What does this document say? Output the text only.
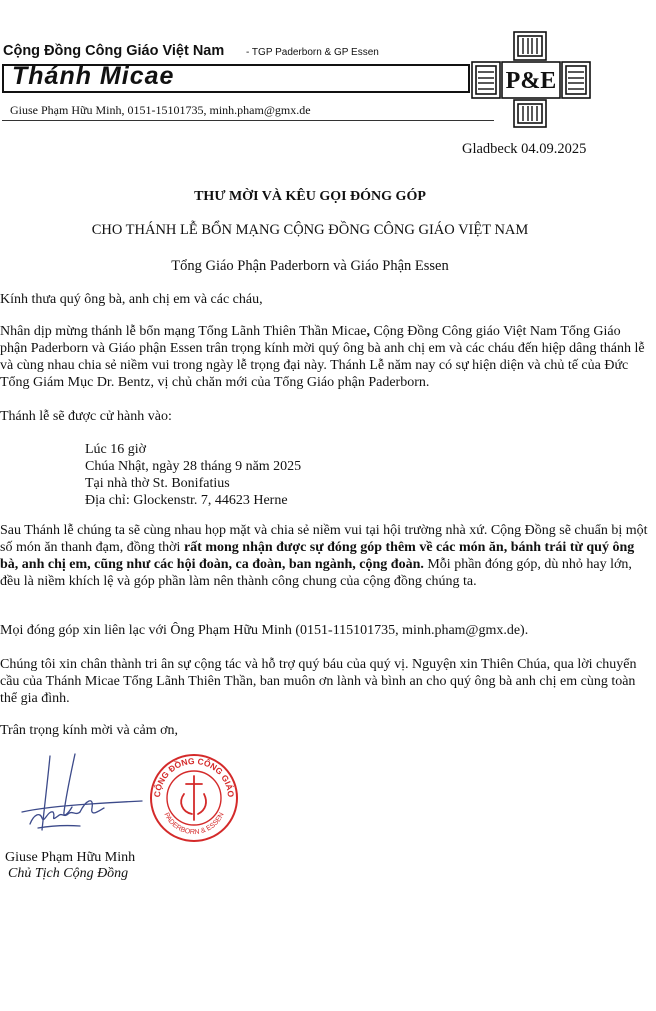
Cộng Đồng Công Giáo Việt Nam - TGP Paderborn & GP Essen
Thánh Micae
Giuse Phạm Hữu Minh, 0151-15101735, minh.pham@gmx.de
P&E
Gladbeck 04.09.2025
THƯ MỜI VÀ KÊU GỌI ĐÓNG GÓP
CHO THÁNH LỄ BỔN MẠNG CỘNG ĐỒNG CÔNG GIÁO VIỆT NAM
Tổng Giáo Phận Paderborn và Giáo Phận Essen
Kính thưa quý ông bà, anh chị em và các cháu,
Nhân dịp mừng thánh lễ bổn mạng Tổng Lãnh Thiên Thần Micae, Cộng Đồng Công giáo Việt Nam Tổng Giáo phận Paderborn và Giáo phận Essen trân trọng kính mời quý ông bà anh chị em và các cháu đến hiệp dâng thánh lễ và cùng nhau chia sẻ niềm vui trong ngày lễ trọng đại này. Thánh Lễ năm nay có sự hiện diện và chủ tế của Đức Tổng Giám Mục Dr. Bentz, vị chủ chăn mới của Tổng Giáo phận Paderborn.
Thánh lễ sẽ được cử hành vào:
Lúc 16 giờ
Chúa Nhật, ngày 28 tháng 9 năm 2025
Tại nhà thờ St. Bonifatius
Địa chỉ: Glockenstr. 7, 44623 Herne
Sau Thánh lễ chúng ta sẽ cùng nhau họp mặt và chia sẻ niềm vui tại hội trường nhà xứ. Cộng Đồng sẽ chuẩn bị một số món ăn thanh đạm, đồng thời rất mong nhận được sự đóng góp thêm về các món ăn, bánh trái từ quý ông bà, anh chị em, cũng như các hội đoàn, ca đoàn, ban ngành, cộng đoàn. Mỗi phần đóng góp, dù nhỏ hay lớn, đều là niềm khích lệ và góp phần làm nên thành công chung của cộng đồng chúng ta.
Mọi đóng góp xin liên lạc với Ông Phạm Hữu Minh (0151-115101735, minh.pham@gmx.de).
Chúng tôi xin chân thành tri ân sự cộng tác và hỗ trợ quý báu của quý vị. Nguyện xin Thiên Chúa, qua lời chuyển cầu của Thánh Micae Tổng Lãnh Thiên Thần, ban muôn ơn lành và bình an cho quý ông bà anh chị em cùng toàn thể gia đình.
Trân trọng kính mời và cảm ơn,
CỘNG ĐỒNG CÔNG GIÁO
PADERBORN & ESSEN
Giuse Phạm Hữu Minh
Chủ Tịch Cộng Đồng
